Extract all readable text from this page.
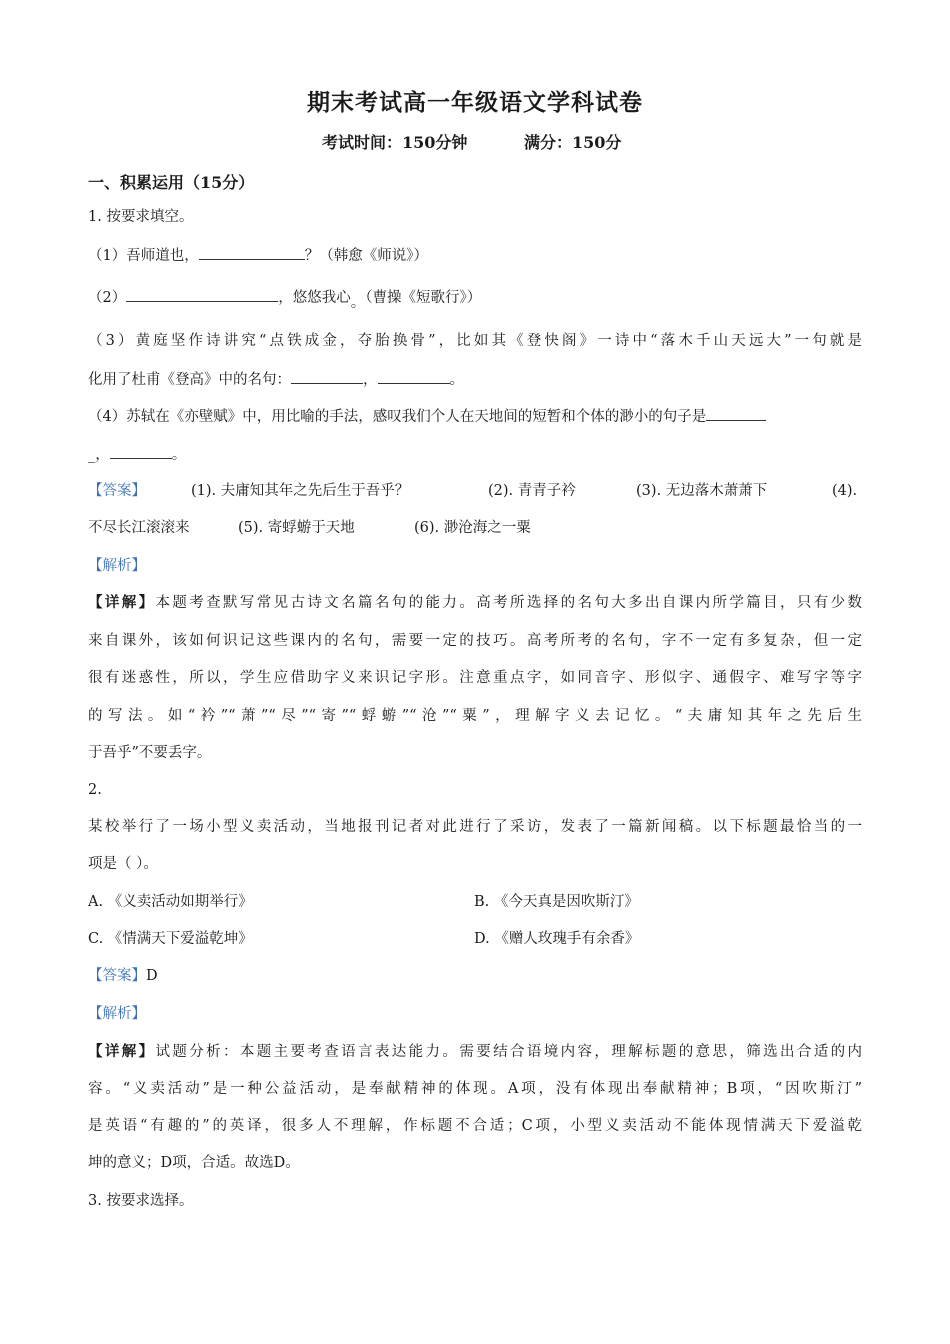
期末考试高一年级语文学科试卷
考试时间：150分钟	满分：150分
一、积累运用（15分）
1. 按要求填空。
（1）吾师道也，	？（韩愈《师说》）
（2）	，悠悠我心。（曹操《短歌行》）
（3）黄庭坚作诗讲究“点铁成金，夺胎换骨”，比如其《登快阁》一诗中“落木千山天远大”一句就是
化用了杜甫《登高》中的名句：	，	。
（4）苏轼在《亦壁赋》中，用比喻的手法，感叹我们个人在天地间的短暂和个体的渺小的句子是
_，	。
【答案】	(1). 夫庸知其年之先后生于吾乎？	(2). 青青子衿	(3). 无边落木萧萧下	(4).
不尽长江滚滚来	(5). 寄蜉蝣于天地	(6). 渺沧海之一粟
【解析】
【详解】本题考查默写常见古诗文名篇名句的能力。高考所选择的名句大多出自课内所学篇目，只有少数
来自课外，该如何识记这些课内的名句，需要一定的技巧。高考所考的名句，字不一定有多复杂，但一定
很有迷惑性，所以，学生应借助字义来识记字形。注意重点字，如同音字、形似字、通假字、难写字等字
的写法。如“衿”“萧”“尽”“寄”“蜉蝣”“沧”“粟”，理解字义去记忆。“夫庸知其年之先后生
于吾乎”不要丢字。
2.
某校举行了一场小型义卖活动，当地报刊记者对此进行了采访，发表了一篇新闻稿。以下标题最恰当的一
项是（ ）。
A. 《义卖活动如期举行》	B. 《今天真是因吹斯汀》
C. 《情满天下爱溢乾坤》	D. 《赠人玫瑰手有余香》
【答案】D
【解析】
【详解】试题分析：本题主要考查语言表达能力。需要结合语境内容，理解标题的意思，筛选出合适的内
容。“义卖活动”是一种公益活动，是奉献精神的体现。A项，没有体现出奉献精神；B项，“因吹斯汀”
是英语“有趣的”的英译，很多人不理解，作标题不合适；C项，小型义卖活动不能体现情满天下爱溢乾
坤的意义；D项，合适。故选D。
3. 按要求选择。
